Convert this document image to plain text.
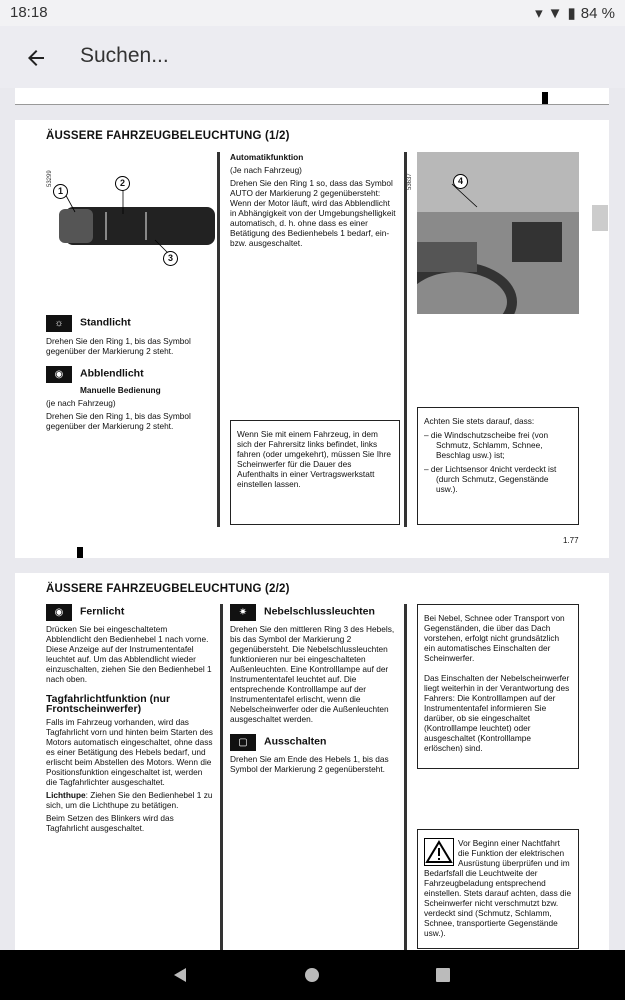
18:18	▾ ▼ ▮ 84 %
Suchen...
ÄUSSERE FAHRZEUGBELEUCHTUNG (1/2)
53299
1
2
3
☼ Standlicht

Drehen Sie den Ring 1, bis das Symbol gegenüber der Markierung 2 steht.

◉ Abblendlicht

Manuelle Bedienung

(je nach Fahrzeug)

Drehen Sie den Ring 1, bis das Symbol gegenüber der Markierung 2 steht.

Automatikfunktion

(Je nach Fahrzeug)

Drehen Sie den Ring 1 so, dass das Symbol AUTO der Markierung 2 gegenübersteht: Wenn der Motor läuft, wird das Abblendlicht in Abhängigkeit von der Umgebungshelligkeit automatisch, d. h. ohne dass es einer Betätigung des Bedienhebels 1 bedarf, ein- bzw. ausgeschaltet.

Wenn Sie mit einem Fahrzeug, in dem sich der Fahrersitz links befindet, links fahren (oder umgekehrt), müssen Sie Ihre Scheinwerfer für die Dauer des Aufenthalts in einer Vertragswerkstatt einstellen lassen.
4
53637

Achten Sie stets darauf, dass:

– die Windschutzscheibe frei (von Schmutz, Schlamm, Schnee, Beschlag usw.) ist;

– der Lichtsensor 4nicht verdeckt ist (durch Schmutz, Gegenstände usw.).

1.77
ÄUSSERE FAHRZEUGBELEUCHTUNG (2/2)
◉ Fernlicht

Drücken Sie bei eingeschaltetem Abblendlicht den Bedienhebel 1 nach vorne. Diese Anzeige auf der Instrumententafel leuchtet auf. Um das Abblendlicht wieder einzuschalten, ziehen Sie den Bedienhebel 1 nach oben.

Tagfahrlichtfunktion (nur Frontscheinwerfer)

Falls im Fahrzeug vorhanden, wird das Tagfahrlicht vorn und hinten beim Starten des Motors automatisch eingeschaltet, ohne dass es einer Betätigung des Hebels bedarf, und erlischt beim Abstellen des Motors. Wenn die Positionsfunktion eingeschaltet ist, werden die Tagfahrlichter ausgeschaltet.

Lichthupe: Ziehen Sie den Bedienhebel 1 zu sich, um die Lichthupe zu betätigen.

Beim Setzen des Blinkers wird das Tagfahrlicht ausgeschaltet.

✷ Nebelschlussleuchten

Drehen Sie den mittleren Ring 3 des Hebels, bis das Symbol der Markierung 2 gegenübersteht. Die Nebelschlussleuchten funktionieren nur bei eingeschalteten Außenleuchten. Eine Kontrolllampe auf der Instrumententafel leuchtet auf. Die entsprechende Kontrolllampe auf der Instrumententafel erlischt, wenn die Nebelscheinwerfer oder die Außenleuchten ausgeschaltet werden.

▢ Ausschalten

Drehen Sie am Ende des Hebels 1, bis das Symbol der Markierung 2 gegenübersteht.

Bei Nebel, Schnee oder Transport von Gegenständen, die über das Dach vorstehen, erfolgt nicht grundsätzlich ein automatisches Einschalten der Scheinwerfer.

Das Einschalten der Nebelscheinwerfer liegt weiterhin in der Verantwortung des Fahrers: Die Kontrolllampen auf der Instrumententafel informieren Sie darüber, ob sie eingeschaltet (Kontrolllampe leuchtet) oder ausgeschaltet (Kontrolllampe erlöschen) sind.
Vor Beginn einer Nachtfahrt die Funktion der elektrischen Ausrüstung überprüfen und im Bedarfsfall die Leuchtweite der Fahrzeugbeladung entsprechend einstellen. Stets darauf achten, dass die Scheinwerfer nicht verschmutzt bzw. verdeckt sind (Schmutz, Schlamm, Schnee, transportierte Gegenstände usw.).
